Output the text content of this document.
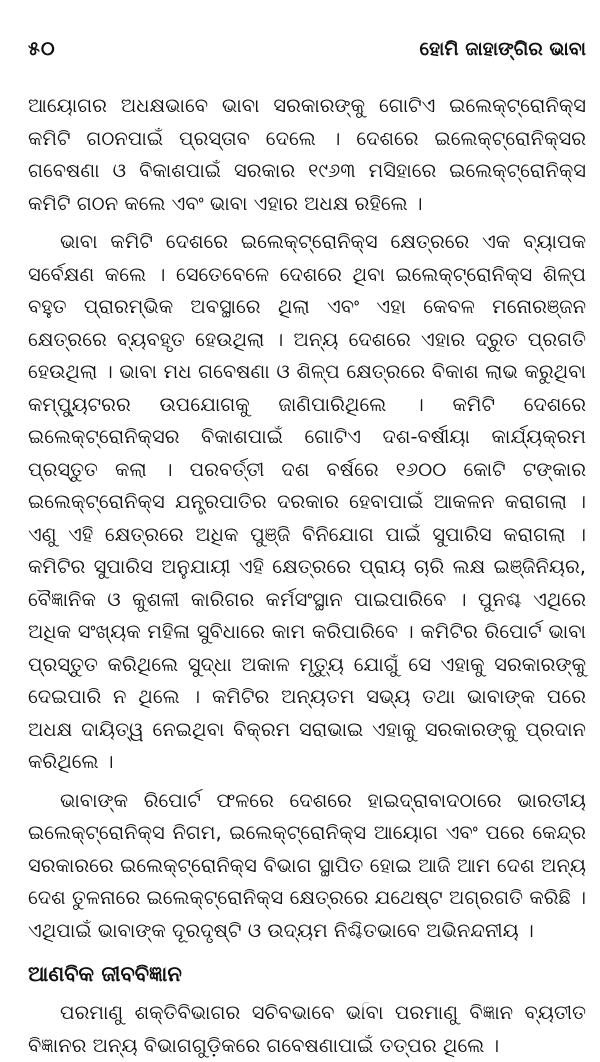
୫୦	ହୋମି ଜାହାଙ୍ଗିର ଭାବା

ଆୟୋଗର ଅଧକ୍ଷଭାବେ ଭାବା ସରକାରଙ୍କୁ ଗୋଟିଏ ଇଲେକ୍‌ଟ୍ରୋନିକ୍‌ସ କମିଟି ଗଠନପାଇଁ ପ୍ରସ୍ତାବ ଦେଲେ । ଦେଶରେ ଇଲେକ୍‌ଟ୍ରୋନିକ୍‌ସର ଗବେଷଣା ଓ ବିକାଶପାଇଁ ସରକାର ୧୯୬୩ ମସିହାରେ ଇଲେକ୍‌ଟ୍ରୋନିକ୍‌ସ କମିଟି ଗଠନ କଲେ ଏବଂ ଭାବା ଏହାର ଅଧକ୍ଷ ରହିଲେ ।

ଭାବା କମିଟି ଦେଶରେ ଇଲେକ୍‌ଟ୍ରୋନିକ୍‌ସ କ୍ଷେତ୍ରରେ ଏକ ବ୍ୟାପକ ସର୍ବେକ୍ଷଣ କଲେ । ସେତେବେଳେ ଦେଶରେ ଥିବା ଇଲେକ୍‌ଟ୍ରୋନିକ୍‌ସ ଶିଳ୍ପ ବହୁତ ପ୍ରାରମ୍ଭିକ ଅବସ୍ଥାରେ ଥିଲା ଏବଂ ଏହା କେବଳ ମନୋରଞ୍ଜନ କ୍ଷେତ୍ରରେ ବ୍ୟବହୃତ ହେଉଥିଲା । ଅନ୍ୟ ଦେଶରେ ଏହାର ଦ୍ରୁତ ପ୍ରଗତି ହେଉଥିଲା । ଭାବା ମଧ ଗବେଷଣା ଓ ଶିଳ୍ପ କ୍ଷେତ୍ରରେ ବିକାଶ ଲାଭ କରୁଥିବା କମ୍ପ୍ୟୁଟରର ଉପଯୋଗକୁ ଜାଣିପାରିଥିଲେ । କମିଟି ଦେଶରେ ଇଲେକ୍‌ଟ୍ରୋନିକ୍‌ସର ବିକାଶପାଇଁ ଗୋଟିଏ ଦଶ-ବର୍ଷୀୟା କାର୍ଯ୍ୟକ୍ରମ ପ୍ରସ୍ତୁତ କଲା । ପରବର୍ତ୍ତୀ ଦଶ ବର୍ଷରେ ୧୬୦୦ କୋଟି ଟଙ୍କାର ଇଲେକ୍‌ଟ୍ରୋନିକ୍‌ସ ଯନ୍ତ୍ରପାତିର ଦରକାର ହେବାପାଇଁ ଆକଳନ କରାଗଲା । ଏଣୁ ଏହି କ୍ଷେତ୍ରରେ ଅଧିକ ପୁଞ୍ଜି ବିନିଯୋଗ ପାଇଁ ସୁପାରିସ କରାଗଲା । କମିଟିର ସୁପାରିସ ଅନୁଯାୟୀ ଏହି କ୍ଷେତ୍ରରେ ପ୍ରାୟ ଚାରି ଲକ୍ଷ ଇଞ୍ଜିନିୟର, ବୈଜ୍ଞାନିକ ଓ କୁଶଳୀ କାରିଗର କର୍ମସଂସ୍ଥାନ ପାଇପାରିବେ । ପୁନଶ୍ଚ ଏଥିରେ ଅଧିକ ସଂଖ୍ୟକ ମହିଳା ସୁବିଧାରେ କାମ କରିପାରିବେ । କମିଟିର ରିପୋର୍ଟ ଭାବା ପ୍ରସ୍ତୁତ କରିଥିଲେ ସୁଦ୍ଧା ଅକାଳ ମୃତ୍ୟୁ ଯୋଗୁଁ ସେ ଏହାକୁ ସରକାରଙ୍କୁ ଦେଇପାରି ନ ଥିଲେ । କମିଟିର ଅନ୍ୟତମ ସଭ୍ୟ ତଥା ଭାବାଙ୍କ ପରେ ଅଧକ୍ଷ ଦାୟିତ୍ୱ ନେଇଥିବା ବିକ୍ରମ ସରାଭାଇ ଏହାକୁ ସରକାରଙ୍କୁ ପ୍ରଦାନ କରିଥିଲେ ।

ଭାବାଙ୍କ ରିପୋର୍ଟ ଫଳରେ ଦେଶରେ ହାଇଦ୍ରାବାଦଠାରେ ଭାରତୀୟ ଇଲେକ୍‌ଟ୍ରୋନିକ୍‌ସ ନିଗମ, ଇଲେକ୍‌ଟ୍ରୋନିକ୍‌ସ ଆୟୋଗ ଏବଂ ପରେ କେନ୍ଦ୍ର ସରକାରରେ ଇଲେକ୍‌ଟ୍ରୋନିକ୍‌ସ ବିଭାଗ ସ୍ଥାପିତ ହୋଇ ଆଜି ଆମ ଦେଶ ଅନ୍ୟ ଦେଶ ତୁଳନାରେ ଇଲେକ୍‌ଟ୍ରୋନିକ୍‌ସ କ୍ଷେତ୍ରରେ ଯଥେଷ୍ଟ ଅଗ୍ରଗତି କରିଛି । ଏଥିପାଇଁ ଭାବାଙ୍କ ଦୂରଦୃଷ୍ଟି ଓ ଉଦ୍ୟମ ନିଶ୍ଚିତଭାବେ ଅଭିନନ୍ଦନୀୟ ।

ଆଣବିକ ଜୀବବିଜ୍ଞାନ

ପରମାଣୁ ଶକ୍ତିବିଭାଗର ସଚିବଭାବେ ଭାବା ପରମାଣୁ ବିଜ୍ଞାନ ବ୍ୟତୀତ ବିଜ୍ଞାନର ଅନ୍ୟ ବିଭାଗଗୁଡ଼ିକରେ ଗବେଷଣାପାଇଁ ତତ୍ପର ଥିଲେ ।
